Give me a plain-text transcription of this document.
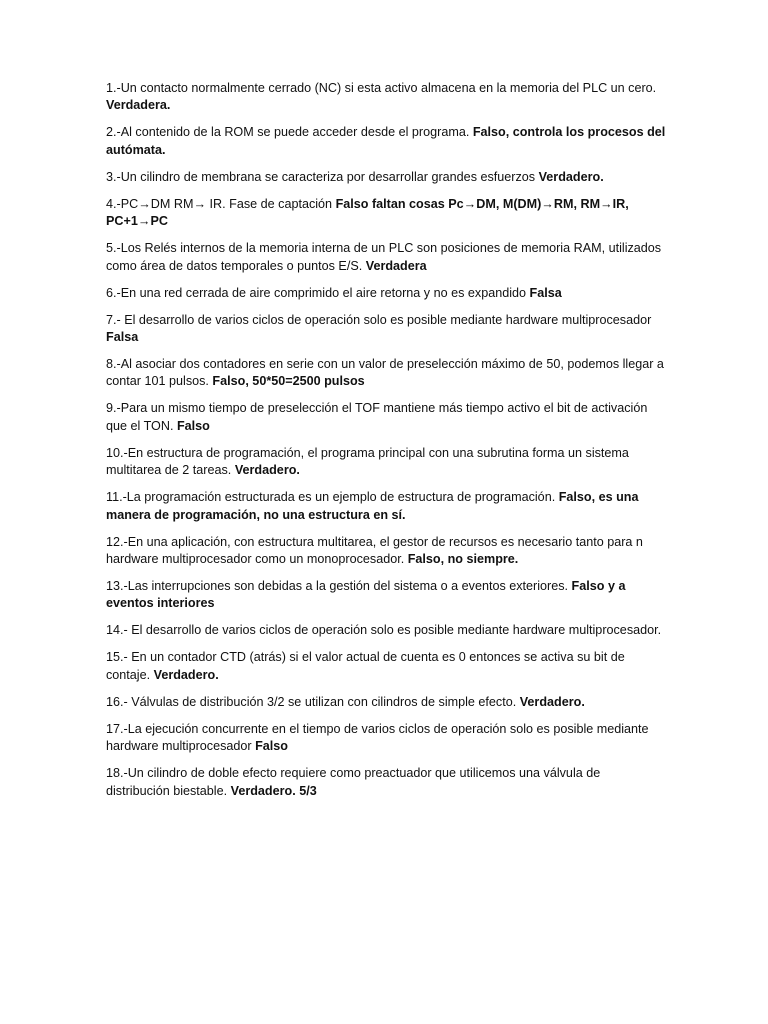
1.-Un contacto normalmente cerrado (NC) si esta activo almacena en la memoria del PLC un cero. Verdadera.

2.-Al contenido de la ROM se puede acceder desde el programa. Falso, controla los procesos del autómata.

3.-Un cilindro de membrana se caracteriza por desarrollar grandes esfuerzos Verdadero.

4.-PC→DM RM→ IR. Fase de captación Falso faltan cosas Pc→DM, M(DM)→RM, RM→IR, PC+1→PC

5.-Los Relés internos de la memoria interna de un PLC son posiciones de memoria RAM, utilizados como área de datos temporales o puntos E/S. Verdadera

6.-En una red cerrada de aire comprimido el aire retorna y no es expandido Falsa

7.- El desarrollo de varios ciclos de operación solo es posible mediante hardware multiprocesador Falsa

8.-Al asociar dos contadores en serie con un valor de preselección máximo de 50, podemos llegar a contar 101 pulsos. Falso, 50*50=2500 pulsos

9.-Para un mismo tiempo de preselección el TOF mantiene más tiempo activo el bit de activación que el TON. Falso

10.-En estructura de programación, el programa principal con una subrutina forma un sistema multitarea de 2 tareas. Verdadero.

11.-La programación estructurada es un ejemplo de estructura de programación. Falso, es una manera de programación, no una estructura en sí.

12.-En una aplicación, con estructura multitarea, el gestor de recursos es necesario tanto para n hardware multiprocesador como un monoprocesador. Falso, no siempre.

13.-Las interrupciones son debidas a la gestión del sistema o a eventos exteriores. Falso y a eventos interiores

14.- El desarrollo de varios ciclos de operación solo es posible mediante hardware multiprocesador.

15.- En un contador CTD (atrás) si el valor actual de cuenta es 0 entonces se activa su bit de contaje. Verdadero.

16.- Válvulas de distribución 3/2 se utilizan con cilindros de simple efecto. Verdadero.

17.-La ejecución concurrente en el tiempo de varios ciclos de operación solo es posible mediante hardware multiprocesador Falso

18.-Un cilindro de doble efecto requiere como preactuador que utilicemos una válvula de distribución biestable. Verdadero. 5/3
